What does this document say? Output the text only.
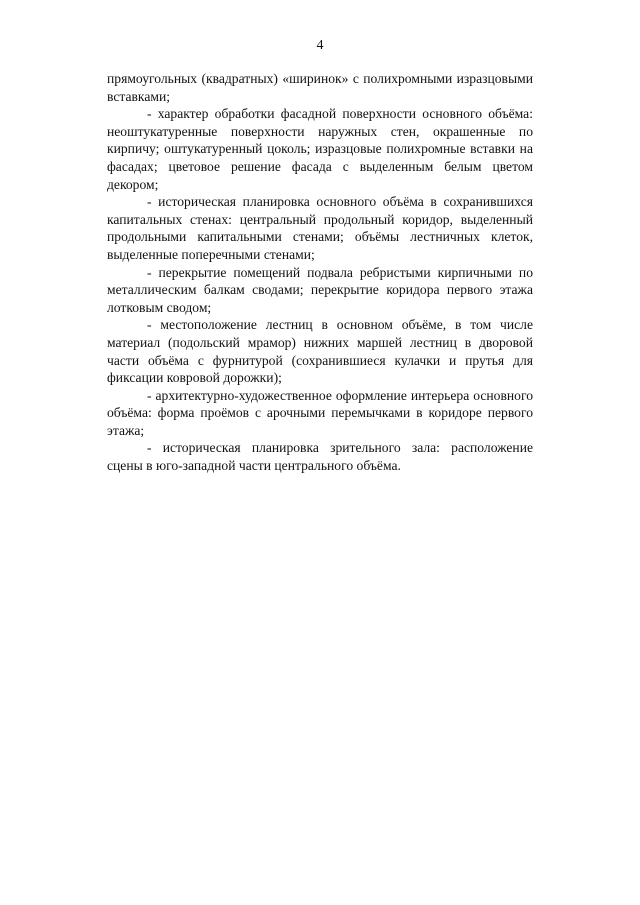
4

прямоугольных (квадратных) «ширинок» с полихромными изразцовыми вставками;

- характер обработки фасадной поверхности основного объёма: неоштукатуренные поверхности наружных стен, окрашенные по кирпичу; оштукатуренный цоколь; изразцовые полихромные вставки на фасадах; цветовое решение фасада с выделенным белым цветом декором;

- историческая планировка основного объёма в сохранившихся капитальных стенах: центральный продольный коридор, выделенный продольными капитальными стенами; объёмы лестничных клеток, выделенные поперечными стенами;

- перекрытие помещений подвала ребристыми кирпичными по металлическим балкам сводами; перекрытие коридора первого этажа лотковым сводом;

- местоположение лестниц в основном объёме, в том числе материал (подольский мрамор) нижних маршей лестниц в дворовой части объёма с фурнитурой (сохранившиеся кулачки и прутья для фиксации ковровой дорожки);

- архитектурно-художественное оформление интерьера основного объёма: форма проёмов с арочными перемычками в коридоре первого этажа;

- историческая планировка зрительного зала: расположение сцены в юго-западной части центрального объёма.
